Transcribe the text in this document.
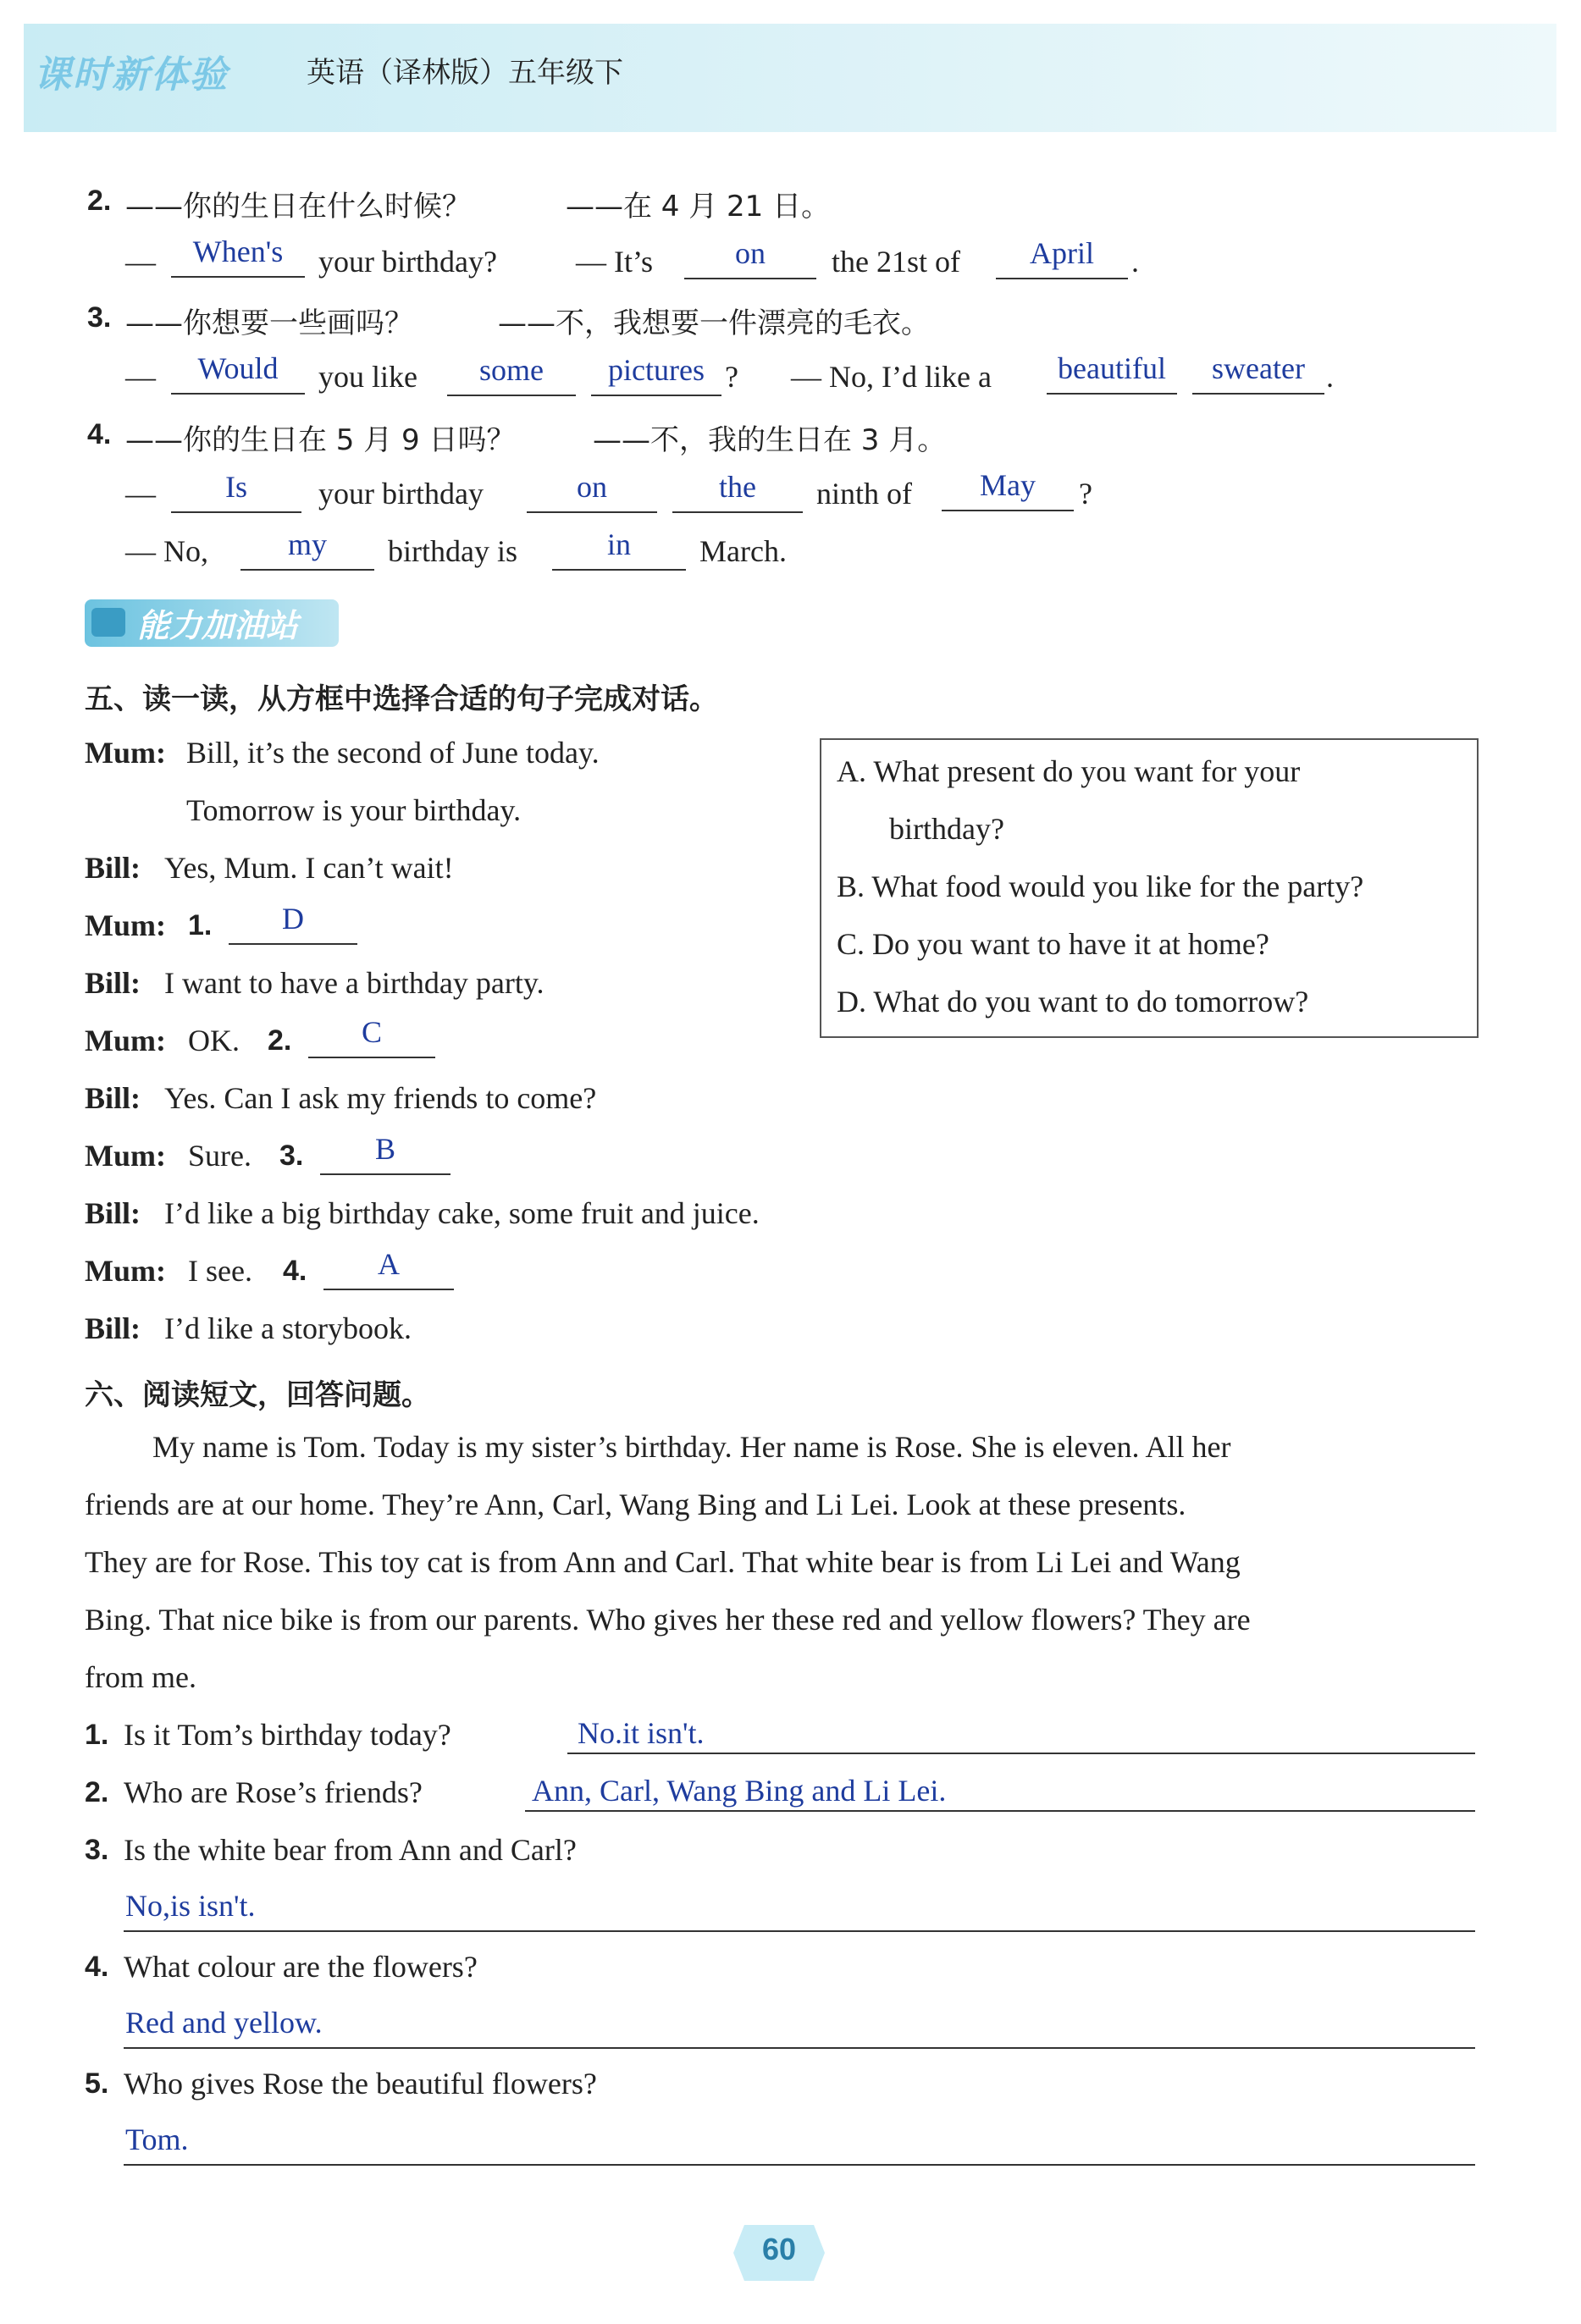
课时新体验	英语（译林版）五年级下
2. ——你的生日在什么时候？	——在 4 月 21 日。
—	When's	your birthday?	— It’s	on	the 21st of	April	.
3. ——你想要一些画吗？	——不，我想要一件漂亮的毛衣。
—	Would	you like	some	pictures ? — No, I’d like a	beautiful	sweater .
4. ——你的生日在 5 月 9 日吗？	——不，我的生日在 3 月。
—	Is	your birthday	on	the	ninth of	May	?
— No,	my	birthday is	in	March.
能力加油站
五、读一读，从方框中选择合适的句子完成对话。
Mum: Bill, it’s the second of June today.
Tomorrow is your birthday.
Bill: Yes, Mum. I can’t wait!
Mum: 1.	D
Bill: I want to have a birthday party.
Mum: OK. 2.	C
Bill: Yes. Can I ask my friends to come?
Mum: Sure. 3.	B
Bill: I’d like a big birthday cake, some fruit and juice.
Mum: I see. 4.	A
Bill: I’d like a storybook.
A. What present do you want for your
birthday?
B. What food would you like for the party?
C. Do you want to have it at home?
D. What do you want to do tomorrow?
六、阅读短文，回答问题。
My name is Tom. Today is my sister’s birthday. Her name is Rose. She is eleven. All her
friends are at our home. They’re Ann, Carl, Wang Bing and Li Lei. Look at these presents.
They are for Rose. This toy cat is from Ann and Carl. That white bear is from Li Lei and Wang
Bing. That nice bike is from our parents. Who gives her these red and yellow flowers? They are
from me.
1. Is it Tom’s birthday today?	No.it isn't.
2. Who are Rose’s friends?	Ann, Carl, Wang Bing and Li Lei.
3. Is the white bear from Ann and Carl?
No,is isn't.
4. What colour are the flowers?
Red and yellow.
5. Who gives Rose the beautiful flowers?
Tom.
60
